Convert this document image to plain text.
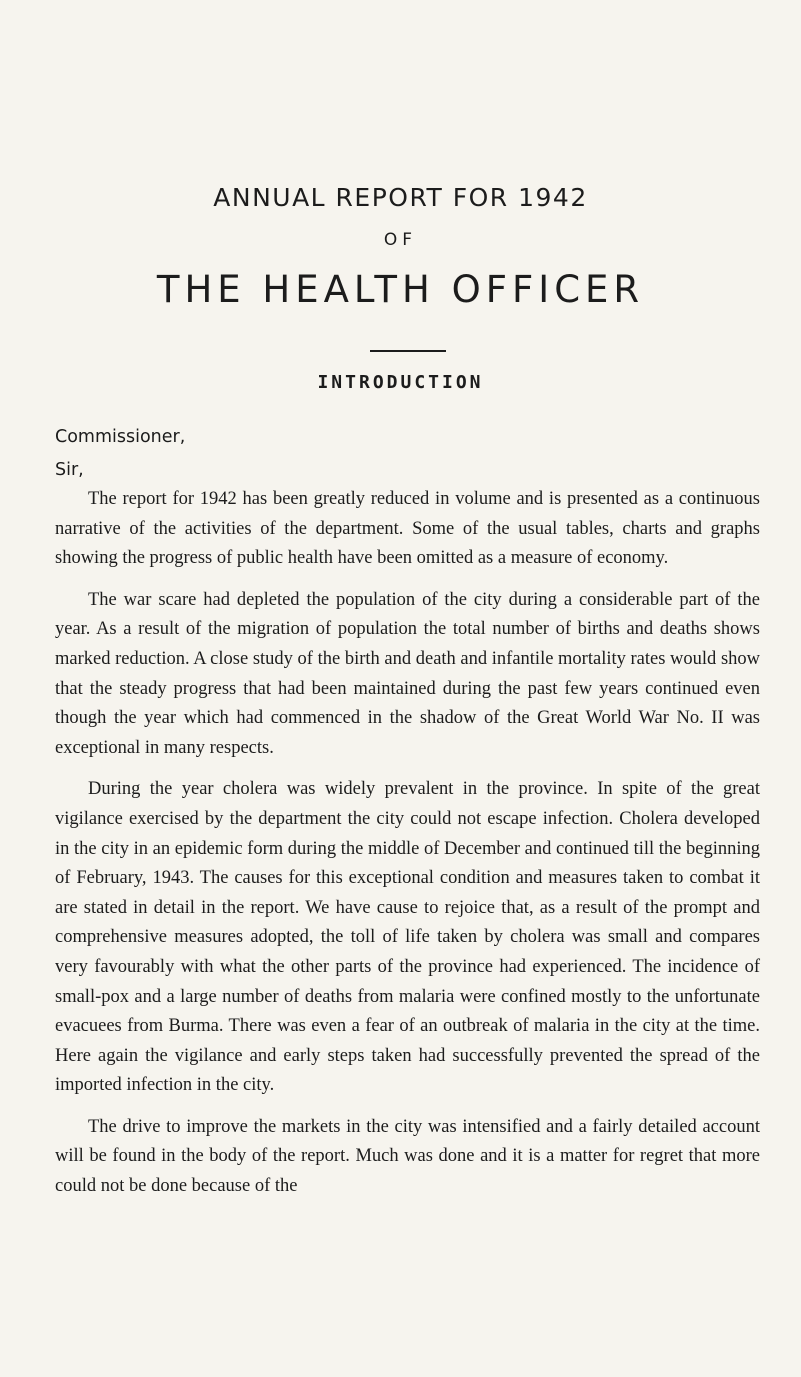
ANNUAL REPORT FOR 1942
OF
THE HEALTH OFFICER
INTRODUCTION
Commissioner,
Sir,

The report for 1942 has been greatly reduced in volume and is presented as a continuous narrative of the activities of the department. Some of the usual tables, charts and graphs showing the progress of public health have been omitted as a measure of economy.

The war scare had depleted the population of the city during a considerable part of the year. As a result of the migration of population the total number of births and deaths shows marked reduction. A close study of the birth and death and infantile mortality rates would show that the steady progress that had been maintained during the past few years continued even though the year which had commenced in the shadow of the Great World War No. II was exceptional in many respects.

During the year cholera was widely prevalent in the province. In spite of the great vigilance exercised by the department the city could not escape infection. Cholera developed in the city in an epidemic form during the middle of December and continued till the beginning of February, 1943. The causes for this exceptional condition and measures taken to combat it are stated in detail in the report. We have cause to rejoice that, as a result of the prompt and comprehensive measures adopted, the toll of life taken by cholera was small and compares very favourably with what the other parts of the province had experienced. The incidence of small-pox and a large number of deaths from malaria were confined mostly to the unfortunate evacuees from Burma. There was even a fear of an outbreak of malaria in the city at the time. Here again the vigilance and early steps taken had successfully prevented the spread of the imported infection in the city.

The drive to improve the markets in the city was intensified and a fairly detailed account will be found in the body of the report. Much was done and it is a matter for regret that more could not be done because of the
